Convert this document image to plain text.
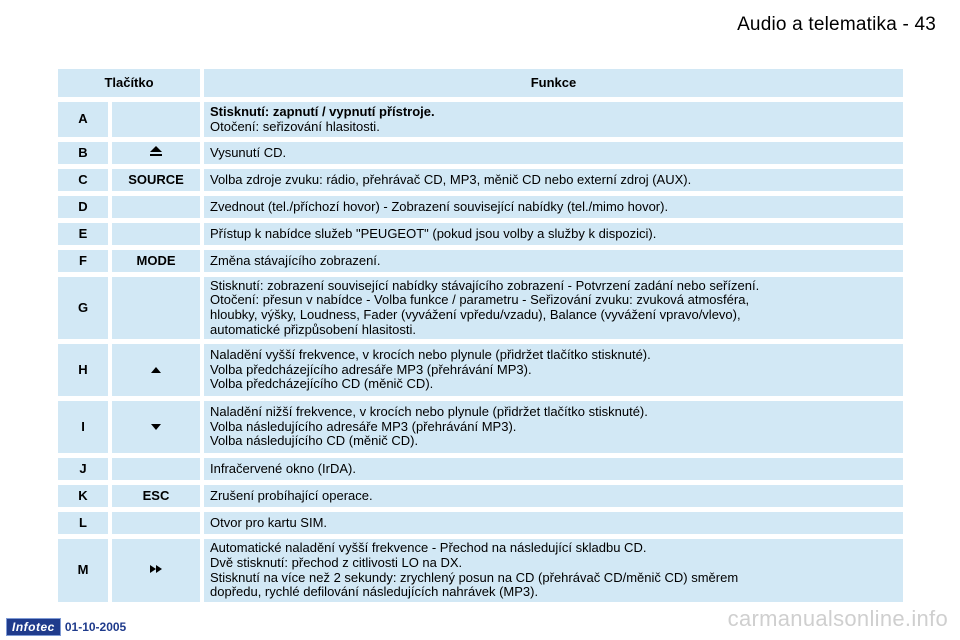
Audio a telematika - 43
Tlačítko		Funkce
A		Stisknutí: zapnutí / vypnutí přístroje.
Otočení: seřizování hlasitosti.

B		Vysunutí CD.

C	SOURCE	Volba zdroje zvuku: rádio, přehrávač CD, MP3, měnič CD nebo externí zdroj (AUX).

D		Zvednout (tel./příchozí hovor) - Zobrazení související nabídky (tel./mimo hovor).

E		Přístup k nabídce služeb "PEUGEOT" (pokud jsou volby a služby k dispozici).

F	MODE	Změna stávajícího zobrazení.

G		Stisknutí: zobrazení související nabídky stávajícího zobrazení - Potvrzení zadání nebo seřízení.
Otočení: přesun v nabídce - Volba funkce / parametru - Seřizování zvuku: zvuková atmosféra,
hloubky, výšky, Loudness, Fader (vyvážení vpředu/vzadu), Balance (vyvážení vpravo/vlevo),
automatické přizpůsobení hlasitosti.

H		Naladění vyšší frekvence, v krocích nebo plynule (přidržet tlačítko stisknuté).
Volba předcházejícího adresáře MP3 (přehrávání MP3).
Volba předcházejícího CD (měnič CD).

I		Naladění nižší frekvence, v krocích nebo plynule (přidržet tlačítko stisknuté).
Volba následujícího adresáře MP3 (přehrávání MP3).
Volba následujícího CD (měnič CD).

J		Infračervené okno (IrDA).

K	ESC	Zrušení probíhající operace.

L		Otvor pro kartu SIM.

M		Automatické naladění vyšší frekvence - Přechod na následující skladbu CD.
Dvě stisknutí: přechod z citlivosti LO na DX.
Stisknutí na více než 2 sekundy: zrychlený posun na CD (přehrávač CD/měnič CD) směrem
dopředu, rychlé defilování následujících nahrávek (MP3).
Infotec 01-10-2005	carmanualsonline.info
